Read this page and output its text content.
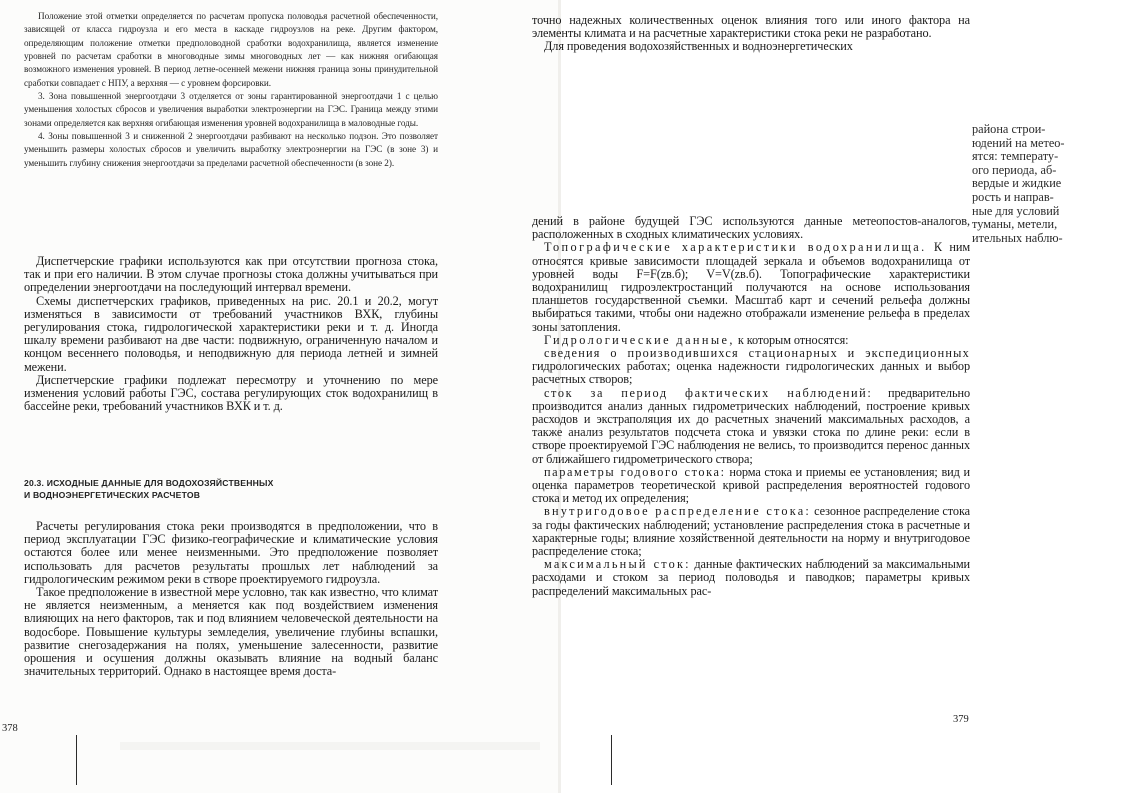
Положение этой отметки определяется по расчетам пропуска половодья расчетной обеспеченности, зависящей от класса гидроузла и его места в каскаде гидроузлов на реке. Другим фактором, определяющим положение отметки предполоводной сработки водохранилища, является изменение уровней по расчетам сработки в многоводные зимы многоводных лет — как нижняя огибающая возможного изменения уровней. В период летне-осенней межени нижняя граница зоны принудительной сработки совпадает с НПУ, а верхняя — с уровнем форсировки.

3. Зона повышенной энергоотдачи 3 отделяется от зоны гарантированной энергоотдачи 1 с целью уменьшения холостых сбросов и увеличения выработки электроэнергии на ГЭС. Граница между этими зонами определяется как верхняя огибающая изменения уровней водохранилища в маловодные годы.

4. Зоны повышенной 3 и сниженной 2 энергоотдачи разбивают на несколько подзон. Это позволяет уменьшить размеры холостых сбросов и увеличить выработку электроэнергии на ГЭС (в зоне 3) и уменьшить глубину снижения энергоотдачи за пределами расчетной обеспеченности (в зоне 2).

Диспетчерские графики используются как при отсутствии прогноза стока, так и при его наличии. В этом случае прогнозы стока должны учитываться при определении энергоотдачи на последующий интервал времени.

Схемы диспетчерских графиков, приведенных на рис. 20.1 и 20.2, могут изменяться в зависимости от требований участников ВХК, глубины регулирования стока, гидрологической характеристики реки и т. д. Иногда шкалу времени разбивают на две части: подвижную, ограниченную началом и концом весеннего половодья, и неподвижную для периода летней и зимней межени.

Диспетчерские графики подлежат пересмотру и уточнению по мере изменения условий работы ГЭС, состава регулирующих сток водохранилищ в бассейне реки, требований участников ВХК и т. д.

20.3. ИСХОДНЫЕ ДАННЫЕ ДЛЯ ВОДОХОЗЯЙСТВЕННЫХ
И ВОДНОЭНЕРГЕТИЧЕСКИХ РАСЧЕТОВ

Расчеты регулирования стока реки производятся в предположении, что в период эксплуатации ГЭС физико-географические и климатические условия остаются более или менее неизменными. Это предположение позволяет использовать для расчетов результаты прошлых лет наблюдений за гидрологическим режимом реки в створе проектируемого гидроузла.

Такое предположение в известной мере условно, так как известно, что климат не является неизменным, а меняется как под воздействием изменения влияющих на него факторов, так и под влиянием человеческой деятельности на водосборе. Повышение культуры земледелия, увеличение глубины вспашки, развитие снегозадержания на полях, уменьшение залесенности, развитие орошения и осушения должны оказывать влияние на водный баланс значительных территорий. Однако в настоящее время доста-

378

точно надежных количественных оценок влияния того или иного фактора на элементы климата и на расчетные характеристики стока реки не разработано.

Для проведения водохозяйственных и водноэнергетических

района строи-

юдений на метео-

ятся: температу-

ого периода, аб-

вердые и жидкие

рость и направ-

ные для условий

туманы, метели,

ительных наблю-

дений в районе будущей ГЭС используются данные метеопостов-аналогов, расположенных в сходных климатических условиях.

Топографические характеристики водохранилища. К ним относятся кривые зависимости площадей зеркала и объемов водохранилища от уровней воды F=F(zв.б); V=V(zв.б). Топографические характеристики водохранилищ гидроэлектростанций получаются на основе использования планшетов государственной съемки. Масштаб карт и сечений рельефа должны выбираться такими, чтобы они надежно отображали изменение рельефа в пределах зоны затопления.

Гидрологические данные, к которым относятся:

сведения о производившихся стационарных и экспедиционных гидрологических работах; оценка надежности гидрологических данных и выбор расчетных створов;

сток за период фактических наблюдений: предварительно производится анализ данных гидрометрических наблюдений, построение кривых расходов и экстраполяция их до расчетных значений максимальных расходов, а также анализ результатов подсчета стока и увязки стока по длине реки: если в створе проектируемой ГЭС наблюдения не велись, то производится перенос данных от ближайшего гидрометрического створа;

параметры годового стока: норма стока и приемы ее установления; вид и оценка параметров теоретической кривой распределения вероятностей годового стока и метод их определения;

внутригодовое распределение стока: сезонное распределение стока за годы фактических наблюдений; установление распределения стока в расчетные и характерные годы; влияние хозяйственной деятельности на норму и внутригодовое распределение стока;

максимальный сток: данные фактических наблюдений за максимальными расходами и стоком за период половодья и паводков; параметры кривых распределений максимальных рас-

379
